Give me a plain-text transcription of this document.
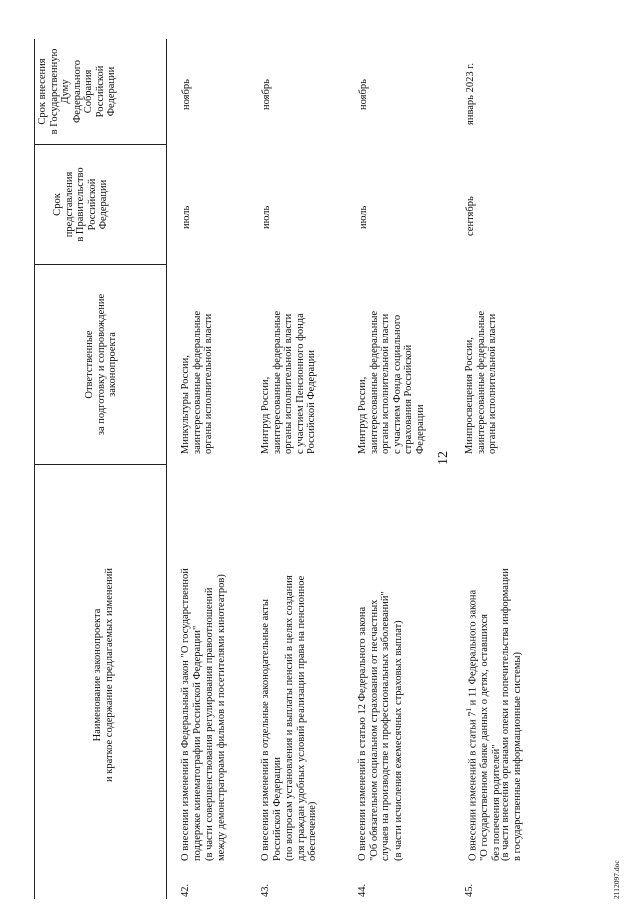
12
Наименование законопроекта и краткое содержание предлагаемых изменений
Ответственные за подготовку и сопровождение законопроекта
Срок представления в Правительство Российской Федерации
Срок внесения в Государственную Думу Федерального Собрания Российской Федерации
42.
О внесении изменений в Федеральный закон "О государственной поддержке кинематографии Российской Федерации" (в части совершенствования регулирования правоотношений между демонстраторами фильмов и посетителями кинотеатров)
Минкультуры России, заинтересованные федеральные органы исполнительной власти
июль
ноябрь
43.
О внесении изменений в отдельные законодательные акты Российской Федерации (по вопросам установления и выплаты пенсий в целях создания для граждан удобных условий реализации права на пенсионное обеспечение)
Минтруд России, заинтересованные федеральные органы исполнительной власти с участием Пенсионного фонда Российской Федерации
июль
ноябрь
44.
О внесении изменений в статью 12 Федерального закона "Об обязательном социальном страховании от несчастных случаев на производстве и профессиональных заболеваний" (в части исчисления ежемесячных страховых выплат)
Минтруд России, заинтересованные федеральные органы исполнительной власти с участием Фонда социального страхования Российской Федерации
июль
ноябрь
45.
О внесении изменений в статьи $7^1$ и 11 Федерального закона "О государственном банке данных о детях, оставшихся без попечения родителей"
(в части внесения органами опеки и попечительства информации в государственные информационные системы)
Минпросвещения России, заинтересованные федеральные органы исполнительной власти
сентябрь
январь 2023 г.
2112097.doc
